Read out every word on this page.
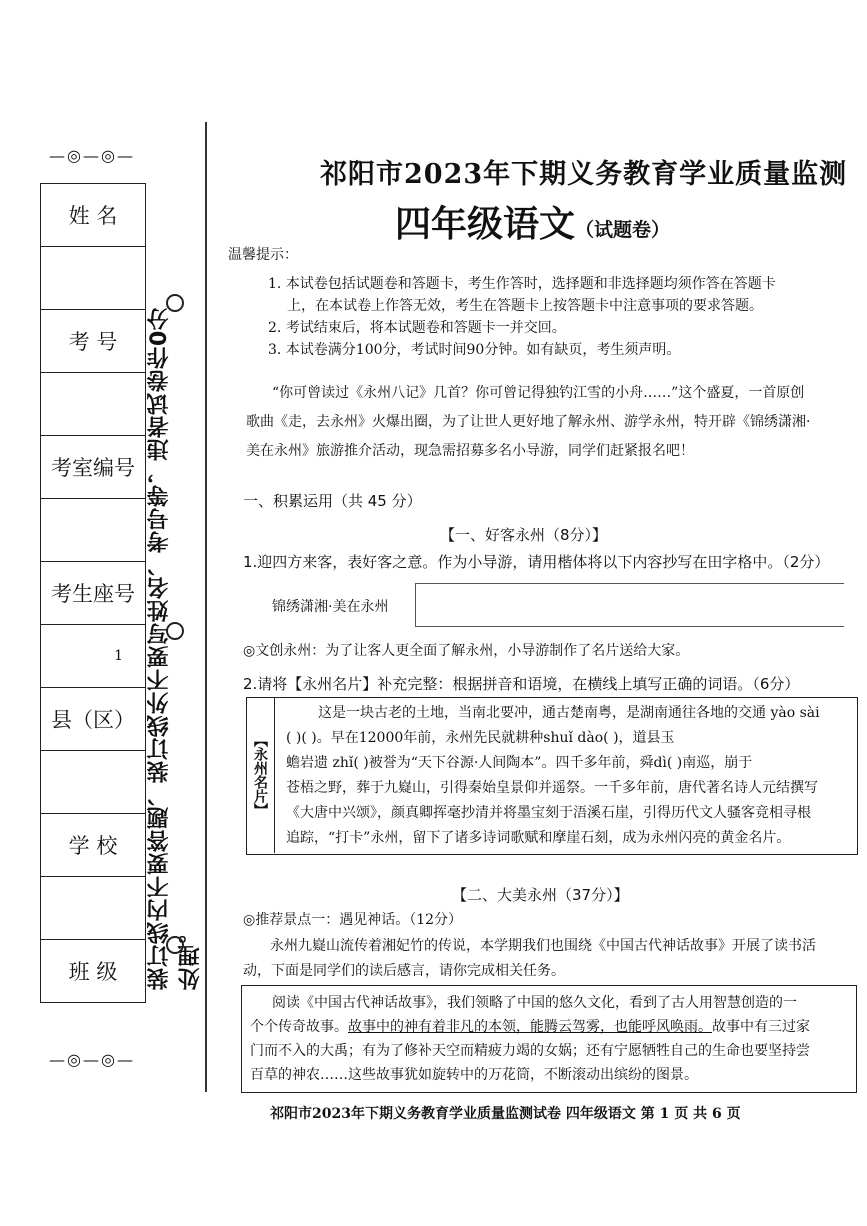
—◎—◎—
姓 名

考 号

考室编号

考生座号
1
县（区）

学 校

班 级
—◎—◎—
装订线内不要答题、装订线外不要写姓名、考号等，违者试卷作0分处理。
祁阳市2023年下期义务教育学业质量监测
四年级语文（试题卷）
温馨提示：
1. 本试卷包括试题卷和答题卡，考生作答时，选择题和非选择题均须作答在答题卡
上，在本试卷上作答无效，考生在答题卡上按答题卡中注意事项的要求答题。
2. 考试结束后，将本试题卷和答题卡一并交回。
3. 本试卷满分100分，考试时间90分钟。如有缺页，考生须声明。
“你可曾读过《永州八记》几首？你可曾记得独钓江雪的小舟……”这个盛夏，一首原创
歌曲《走，去永州》火爆出圈，为了让世人更好地了解永州、游学永州，特开辟《锦绣潇湘·
美在永州》旅游推介活动，现急需招募多名小导游，同学们赶紧报名吧！
一、积累运用（共 45 分）
【一、好客永州（8分）】
1.迎四方来客，表好客之意。作为小导游，请用楷体将以下内容抄写在田字格中。（2分）
锦绣潇湘·美在永州
◎文创永州：为了让客人更全面了解永州，小导游制作了名片送给大家。
2.请将【永州名片】补充完整：根据拼音和语境，在横线上填写正确的词语。（6分）
【永州名片】
这是一块古老的土地，当南北要冲，通古楚南粤，是湖南通往各地的交通 yào sài
( )( )。早在12000年前，永州先民就耕种shuǐ dào( )，道县玉
蟾岩遗 zhǐ( )被誉为“天下谷源·人间陶本”。四千多年前，舜dì( )南巡，崩于
苍梧之野，葬于九嶷山，引得秦始皇景仰并遥祭。一千多年前，唐代著名诗人元结撰写
《大唐中兴颂》，颜真卿挥毫抄清并将墨宝刻于浯溪石崖，引得历代文人骚客竞相寻根
追踪，“打卡”永州，留下了诸多诗词歌赋和摩崖石刻，成为永州闪亮的黄金名片。
【二、大美永州（37分）】
◎推荐景点一：遇见神话。（12分）
永州九嶷山流传着湘妃竹的传说，本学期我们也围绕《中国古代神话故事》开展了读书活
动，下面是同学们的读后感言，请你完成相关任务。
阅读《中国古代神话故事》，我们领略了中国的悠久文化，看到了古人用智慧创造的一
个个传奇故事。故事中的神有着非凡的本领，能腾云驾雾，也能呼风唤雨。故事中有三过家
门而不入的大禹；有为了修补天空而精疲力竭的女娲；还有宁愿牺牲自己的生命也要坚持尝
百草的神农……这些故事犹如旋转中的万花筒，不断滚动出缤纷的图景。
祁阳市2023年下期义务教育学业质量监测试卷 四年级语文 第 1 页 共 6 页
